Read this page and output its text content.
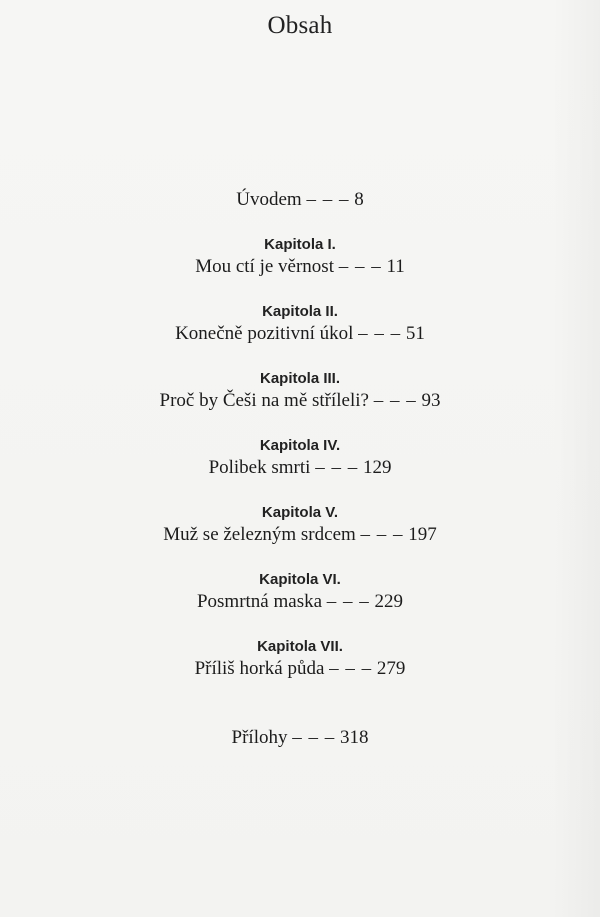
Obsah
Úvodem – – – 8
Kapitola I.
Mou ctí je věrnost – – – 11
Kapitola II.
Konečně pozitivní úkol – – – 51
Kapitola III.
Proč by Češi na mě stříleli? – – – 93
Kapitola IV.
Polibek smrti – – – 129
Kapitola V.
Muž se železným srdcem – – – 197
Kapitola VI.
Posmrtná maska – – – 229
Kapitola VII.
Příliš horká půda – – – 279
Přílohy – – – 318
